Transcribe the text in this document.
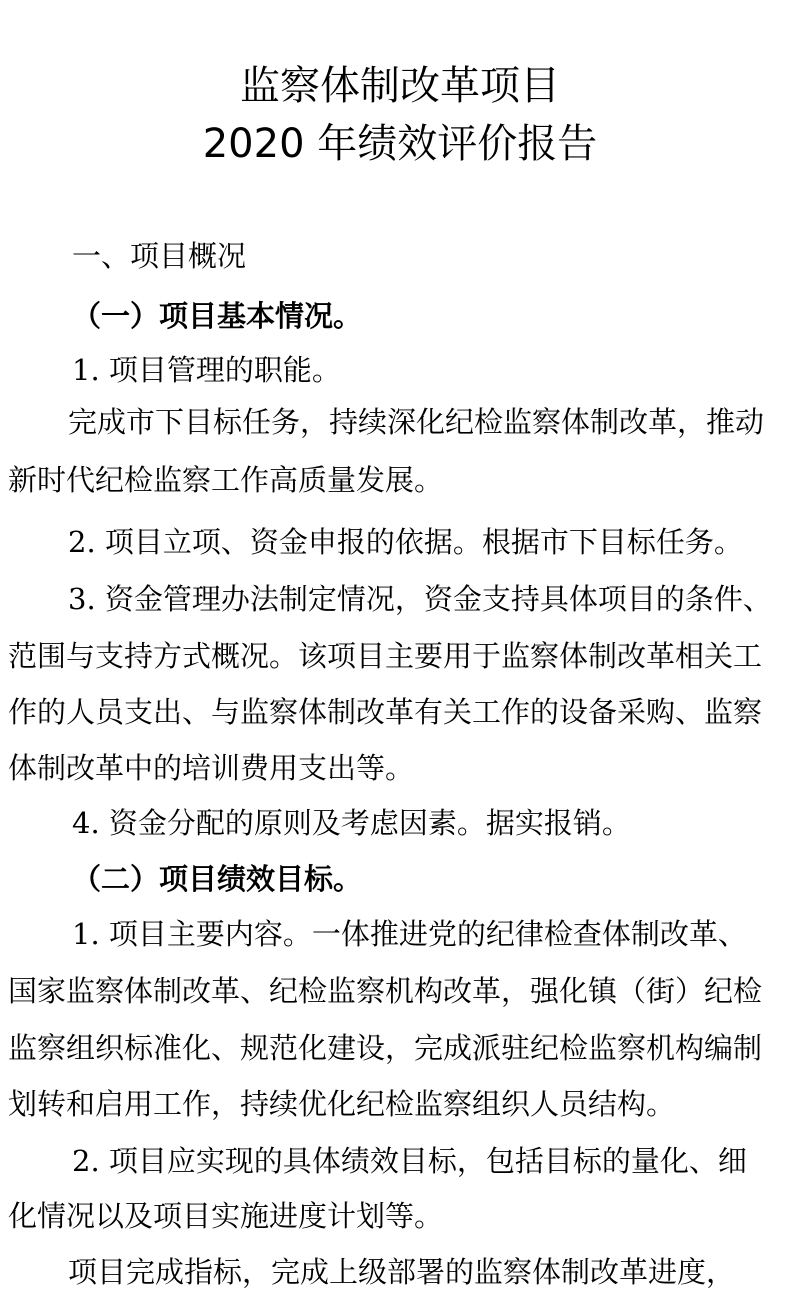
监察体制改革项目
2020 年绩效评价报告
一、项目概况
（一）项目基本情况。
1. 项目管理的职能。
完成市下目标任务，持续深化纪检监察体制改革，推动
新时代纪检监察工作高质量发展。
2. 项目立项、资金申报的依据。根据市下目标任务。
3. 资金管理办法制定情况，资金支持具体项目的条件、
范围与支持方式概况。该项目主要用于监察体制改革相关工
作的人员支出、与监察体制改革有关工作的设备采购、监察
体制改革中的培训费用支出等。
4. 资金分配的原则及考虑因素。据实报销。
（二）项目绩效目标。
1. 项目主要内容。一体推进党的纪律检查体制改革、
国家监察体制改革、纪检监察机构改革，强化镇（街）纪检
监察组织标准化、规范化建设，完成派驻纪检监察机构编制
划转和启用工作，持续优化纪检监察组织人员结构。
2. 项目应实现的具体绩效目标，包括目标的量化、细
化情况以及项目实施进度计划等。
项目完成指标，完成上级部署的监察体制改革进度，
